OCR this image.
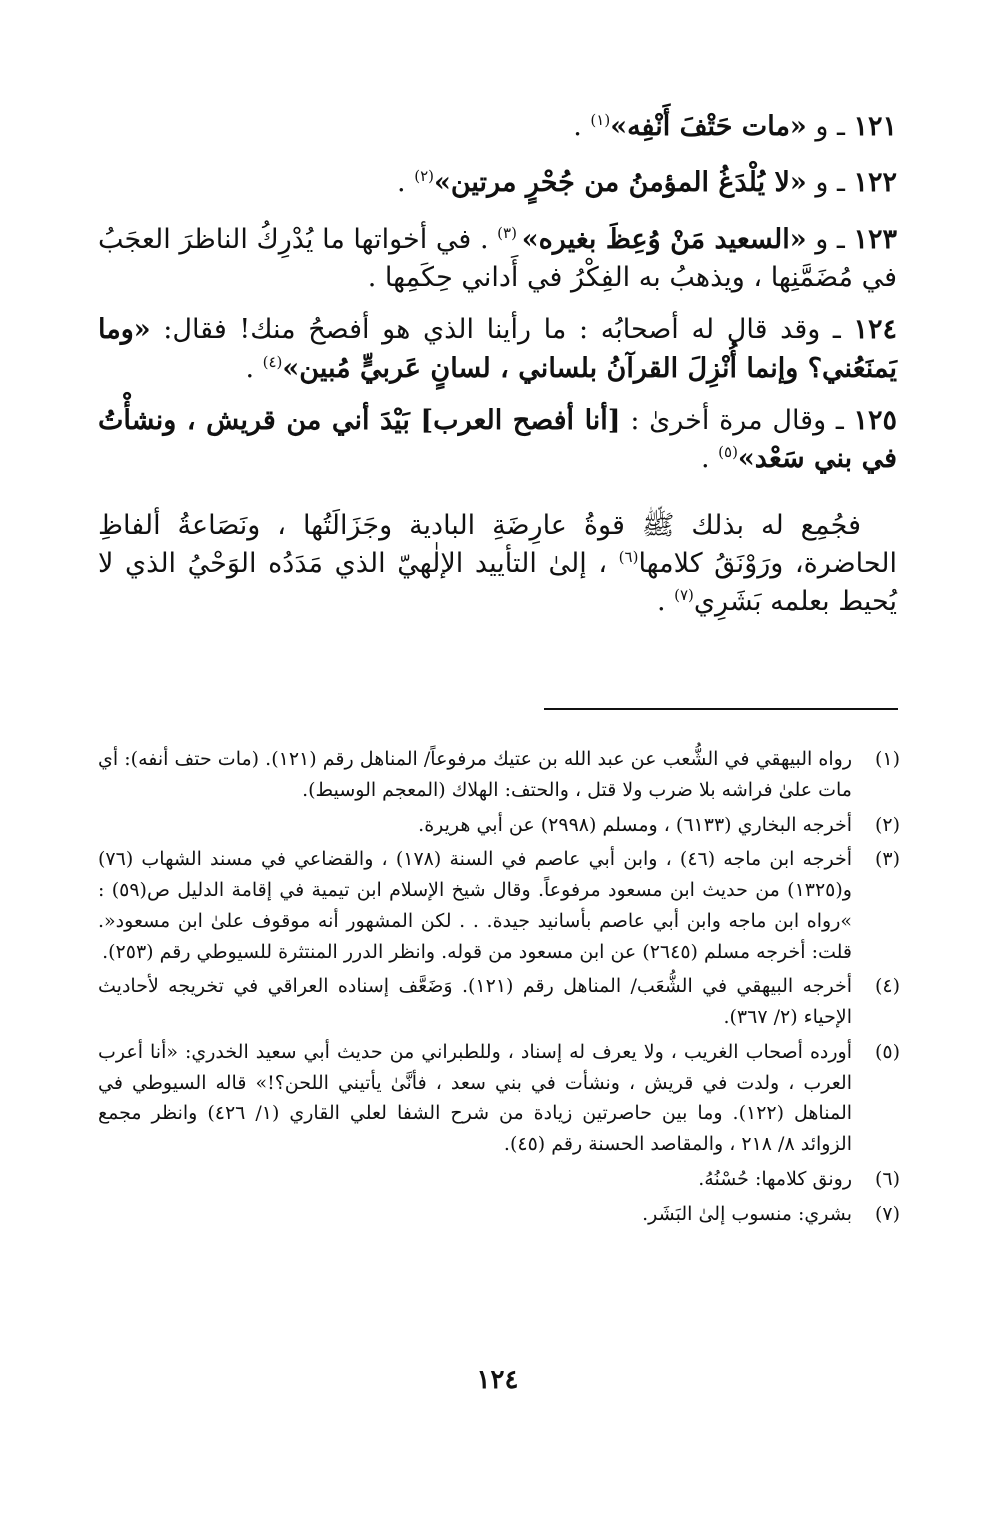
١٢١ ـ و «مات حَتْفَ أَنْفِه»$^{(١)}$ .

١٢٢ ـ و «لا يُلْدَغُ المؤمنُ من جُحْرٍ مرتين»$^{(٢)}$ .

١٢٣ ـ و «السعيد مَنْ وُعِظَ بغيره» $^{(٣)}$ . في أخواتها ما يُدْرِكُ الناظرَ العجَبُ في مُضَمَّنِها ، ويذهبُ به الفِكْرُ في أَداني حِكَمِها .

١٢٤ ـ وقد قال له أصحابُه : ما رأينا الذي هو أفصحُ منك! فقال: «وما يَمنَعُني؟ وإنما أُنْزِلَ القرآنُ بلساني ، لسانٍ عَربيٍّ مُبين»$^{(٤)}$ .

١٢٥ ـ وقال مرة أخرىٰ : [أنا أفصح العرب] بَيْدَ أني من قريش ، ونشأْتُ في بني سَعْد»$^{(٥)}$ .

فجُمِع له بذلك ﷺ قوةُ عارِضَةِ البادية وجَزَالَتُها ، ونَصَاعةُ ألفاظِ الحاضرة، ورَوْنَقُ كلامها$^{(٦)}$ ، إلىٰ التأييد الإلٰهيّ الذي مَدَدُه الوَحْيُ الذي لا يُحيط بعلمه بَشَرِي$^{(٧)}$ .

(١)
رواه البيهقي في الشُّعب عن عبد الله بن عتيك مرفوعاً/ المناهل رقم (١٢١). (مات حتف أنفه): أي مات علىٰ فراشه بلا ضرب ولا قتل ، والحتف: الهلاك (المعجم الوسيط).
(٢)
أخرجه البخاري (٦١٣٣) ، ومسلم (٢٩٩٨) عن أبي هريرة.
(٣)
أخرجه ابن ماجه (٤٦) ، وابن أبي عاصم في السنة (١٧٨) ، والقضاعي في مسند الشهاب (٧٦) و(١٣٢٥) من حديث ابن مسعود مرفوعاً. وقال شيخ الإسلام ابن تيمية في إقامة الدليل ص(٥٩) : »رواه ابن ماجه وابن أبي عاصم بأسانيد جيدة. . . لكن المشهور أنه موقوف علىٰ ابن مسعود«. قلت: أخرجه مسلم (٢٦٤٥) عن ابن مسعود من قوله. وانظر الدرر المنتثرة للسيوطي رقم (٢٥٣).
(٤)
أخرجه البيهقي في الشُّعَب/ المناهل رقم (١٢١). وَضَعَّف إسناده العراقي في تخريجه لأحاديث الإحياء (٢/ ٣٦٧).
(٥)
أورده أصحاب الغريب ، ولا يعرف له إسناد ، وللطبراني من حديث أبي سعيد الخدري: «أنا أعرب العرب ، ولدت في قريش ، ونشأت في بني سعد ، فأنَّىٰ يأتيني اللحن؟!» قاله السيوطي في المناهل (١٢٢). وما بين حاصرتين زيادة من شرح الشفا لعلي القاري (١/ ٤٢٦) وانظر مجمع الزوائد ٨/ ٢١٨ ، والمقاصد الحسنة رقم (٤٥).
(٦)
رونق كلامها: حُسْنُهُ.
(٧)
بشري: منسوب إلىٰ البَشَر.
١٢٤
